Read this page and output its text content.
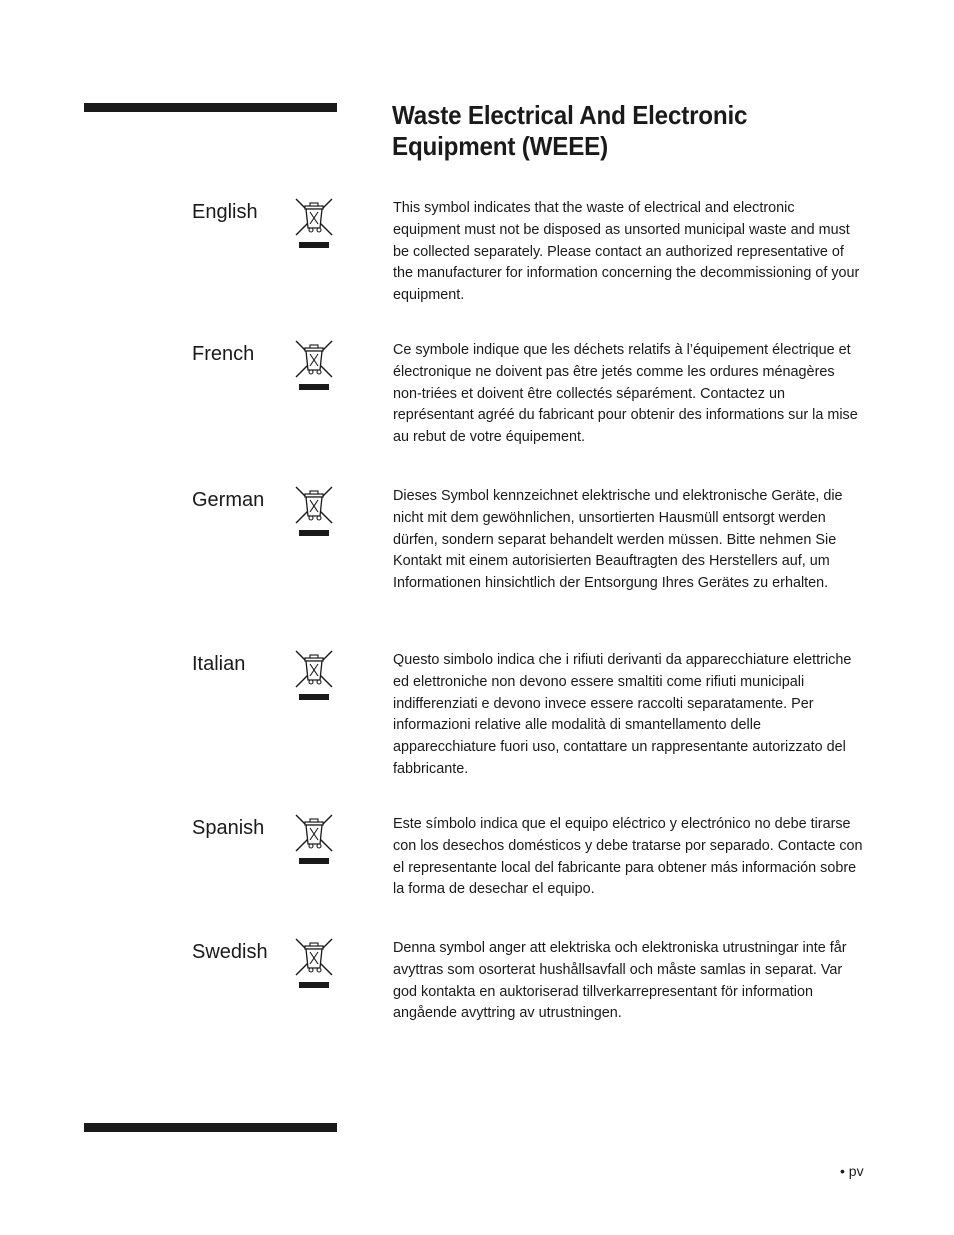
Waste Electrical And Electronic Equipment (WEEE)
English	This symbol indicates that the waste of electrical and electronic equipment must not be disposed as unsorted municipal waste and must be collected separately. Please contact an authorized representative of the manufacturer for information concerning the decommissioning of your equipment.

French	Ce symbole indique que les déchets relatifs à l’équipement électrique et électronique ne doivent pas être jetés comme les ordures ménagères non-triées et doivent être collectés séparément. Contactez un représentant agréé du fabricant pour obtenir des informations sur la mise au rebut de votre équipement.

German	Dieses Symbol kennzeichnet elektrische und elektronische Geräte, die nicht mit dem gewöhnlichen, unsortierten Hausmüll entsorgt werden dürfen, sondern separat behandelt werden müssen. Bitte nehmen Sie Kontakt mit einem autorisierten Beauftragten des Herstellers auf, um Informationen hinsichtlich der Entsorgung Ihres Gerätes zu erhalten.

Italian	Questo simbolo indica che i rifiuti derivanti da apparecchiature elettriche ed elettroniche non devono essere smaltiti come rifiuti municipali indifferenziati e devono invece essere raccolti separatamente. Per informazioni relative alle modalità di smantellamento delle apparecchiature fuori uso, contattare un rappresentante autorizzato del fabbricante.

Spanish	Este símbolo indica que el equipo eléctrico y electrónico no debe tirarse con los desechos domésticos y debe tratarse por separado. Contacte con el representante local del fabricante para obtener más información sobre la forma de desechar el equipo.

Swedish	Denna symbol anger att elektriska och elektroniska utrustningar inte får avyttras som osorterat hushållsavfall och måste samlas in separat. Var god kontakta en auktoriserad tillverkarrepresentant för information angående avyttring av utrustningen.

• pv
